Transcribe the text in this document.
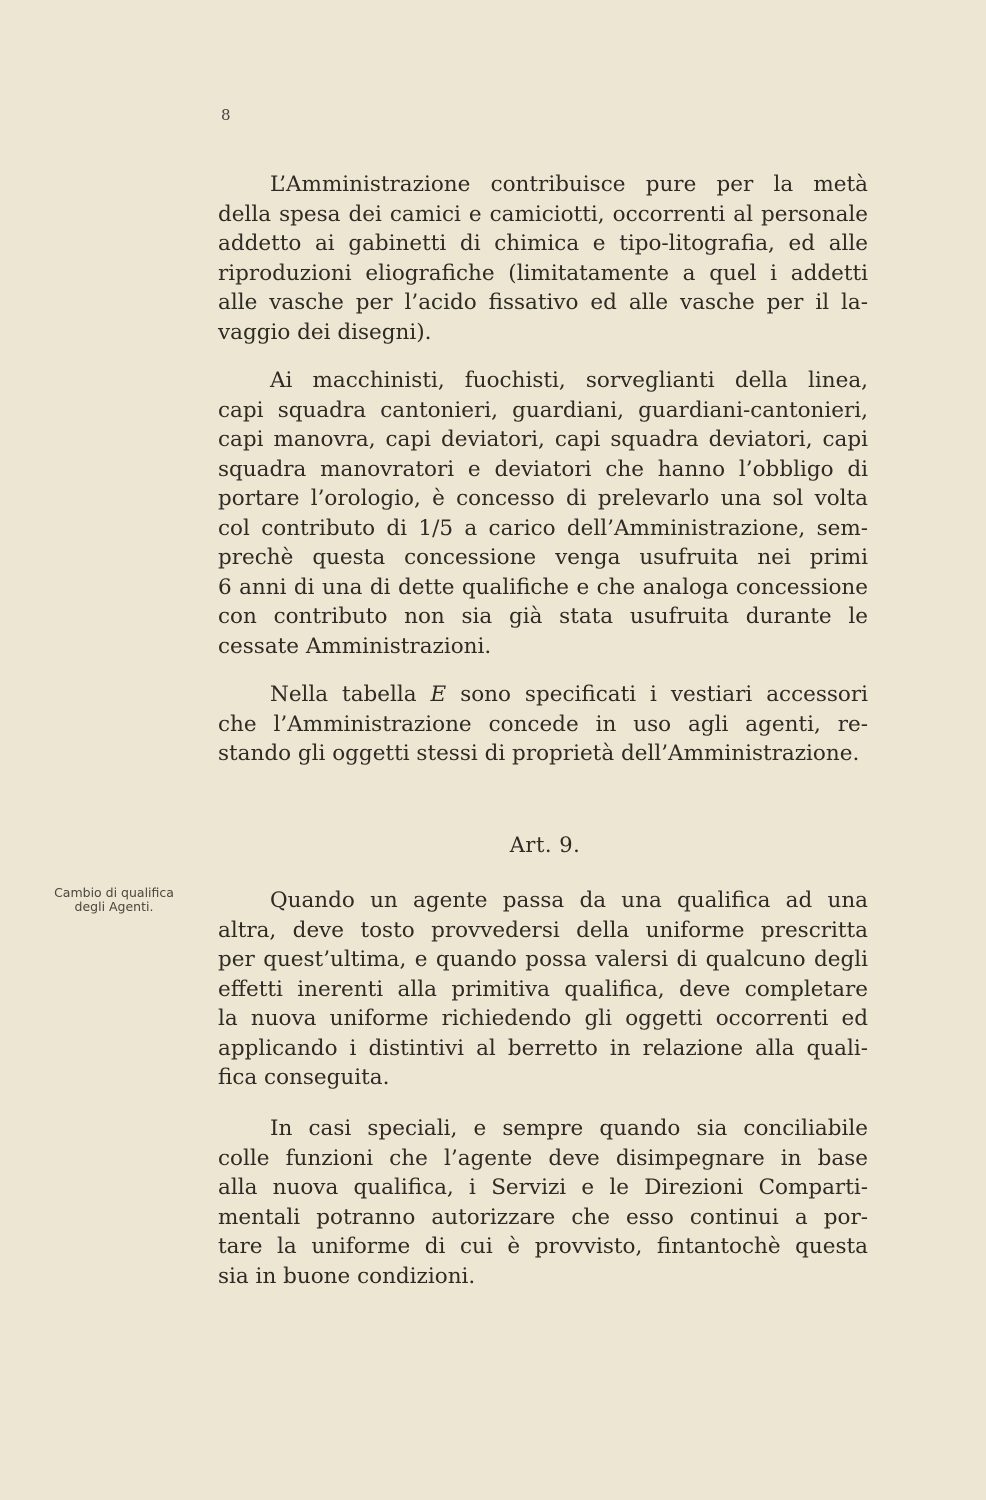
8
L’Amministrazione contribuisce pure per la metà
della spesa dei camici e camiciotti, occorrenti al personale
addetto ai gabinetti di chimica e tipo-litografia, ed alle
riproduzioni eliografiche (limitatamente a quel i addetti
alle vasche per l’acido fissativo ed alle vasche per il la-
vaggio dei disegni).
Ai macchinisti, fuochisti, sorveglianti della linea,
capi squadra cantonieri, guardiani, guardiani-cantonieri,
capi manovra, capi deviatori, capi squadra deviatori, capi
squadra manovratori e deviatori che hanno l’obbligo di
portare l’orologio, è concesso di prelevarlo una sol volta
col contributo di 1/5 a carico dell’Amministrazione, sem-
prechè questa concessione venga usufruita nei primi
6 anni di una di dette qualifiche e che analoga concessione
con contributo non sia già stata usufruita durante le
cessate Amministrazioni.
Nella tabella E sono specificati i vestiari accessori
che l’Amministrazione concede in uso agli agenti, re-
stando gli oggetti stessi di proprietà dell’Amministrazione.
Art. 9.
Cambio di qualifica
degli Agenti.	Quando un agente passa da una qualifica ad una
altra, deve tosto provvedersi della uniforme prescritta
per quest’ultima, e quando possa valersi di qualcuno degli
effetti inerenti alla primitiva qualifica, deve completare
la nuova uniforme richiedendo gli oggetti occorrenti ed
applicando i distintivi al berretto in relazione alla quali-
fica conseguita.
In casi speciali, e sempre quando sia conciliabile
colle funzioni che l’agente deve disimpegnare in base
alla nuova qualifica, i Servizi e le Direzioni Comparti-
mentali potranno autorizzare che esso continui a por-
tare la uniforme di cui è provvisto, fintantochè questa
sia in buone condizioni.
